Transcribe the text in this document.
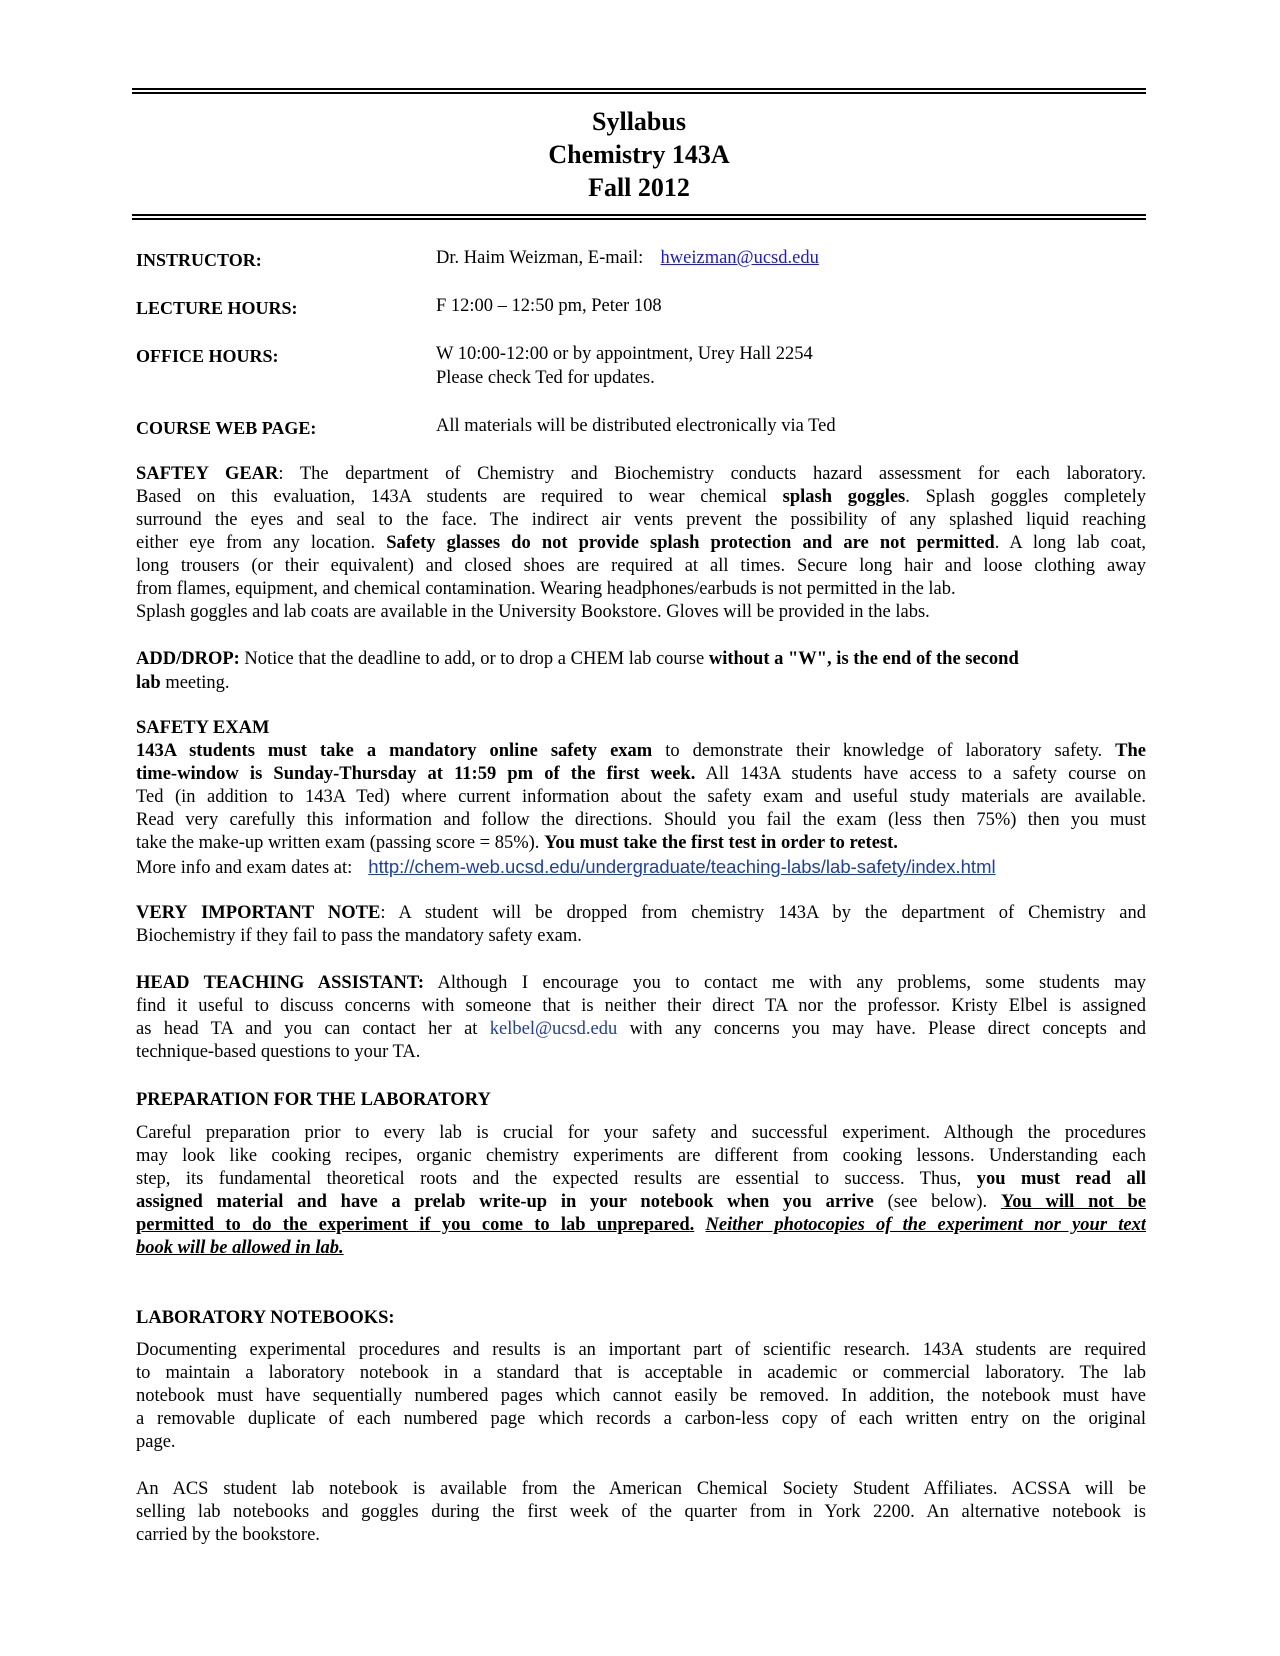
Syllabus
Chemistry 143A
Fall 2012
INSTRUCTOR:	Dr. Haim Weizman, E-mail: hweizman@ucsd.edu
LECTURE HOURS:	F 12:00 – 12:50 pm, Peter 108
OFFICE HOURS:	W 10:00-12:00 or by appointment, Urey Hall 2254
Please check Ted for updates.
COURSE WEB PAGE:	All materials will be distributed electronically via Ted
SAFTEY GEAR: The department of Chemistry and Biochemistry conducts hazard assessment for each laboratory.
Based on this evaluation, 143A students are required to wear chemical splash goggles. Splash goggles completely
surround the eyes and seal to the face. The indirect air vents prevent the possibility of any splashed liquid reaching
either eye from any location. Safety glasses do not provide splash protection and are not permitted. A long lab coat,
long trousers (or their equivalent) and closed shoes are required at all times. Secure long hair and loose clothing away
from flames, equipment, and chemical contamination. Wearing headphones/earbuds is not permitted in the lab.
Splash goggles and lab coats are available in the University Bookstore. Gloves will be provided in the labs.
ADD/DROP: Notice that the deadline to add, or to drop a CHEM lab course without a "W", is the end of the second
lab meeting.
SAFETY EXAM
143A students must take a mandatory online safety exam to demonstrate their knowledge of laboratory safety. The
time-window is Sunday-Thursday at 11:59 pm of the first week. All 143A students have access to a safety course on
Ted (in addition to 143A Ted) where current information about the safety exam and useful study materials are available.
Read very carefully this information and follow the directions. Should you fail the exam (less then 75%) then you must
take the make-up written exam (passing score = 85%). You must take the first test in order to retest.
More info and exam dates at: http://chem-web.ucsd.edu/undergraduate/teaching-labs/lab-safety/index.html
VERY IMPORTANT NOTE: A student will be dropped from chemistry 143A by the department of Chemistry and
Biochemistry if they fail to pass the mandatory safety exam.
HEAD TEACHING ASSISTANT: Although I encourage you to contact me with any problems, some students may
find it useful to discuss concerns with someone that is neither their direct TA nor the professor. Kristy Elbel is assigned
as head TA and you can contact her at kelbel@ucsd.edu with any concerns you may have. Please direct concepts and
technique-based questions to your TA.
PREPARATION FOR THE LABORATORY
Careful preparation prior to every lab is crucial for your safety and successful experiment. Although the procedures
may look like cooking recipes, organic chemistry experiments are different from cooking lessons. Understanding each
step, its fundamental theoretical roots and the expected results are essential to success. Thus, you must read all
assigned material and have a prelab write-up in your notebook when you arrive (see below). You will not be
permitted to do the experiment if you come to lab unprepared. Neither photocopies of the experiment nor your text
book will be allowed in lab.
LABORATORY NOTEBOOKS:
Documenting experimental procedures and results is an important part of scientific research. 143A students are required
to maintain a laboratory notebook in a standard that is acceptable in academic or commercial laboratory. The lab
notebook must have sequentially numbered pages which cannot easily be removed. In addition, the notebook must have
a removable duplicate of each numbered page which records a carbon-less copy of each written entry on the original
page.
An ACS student lab notebook is available from the American Chemical Society Student Affiliates. ACSSA will be
selling lab notebooks and goggles during the first week of the quarter from in York 2200. An alternative notebook is
carried by the bookstore.
